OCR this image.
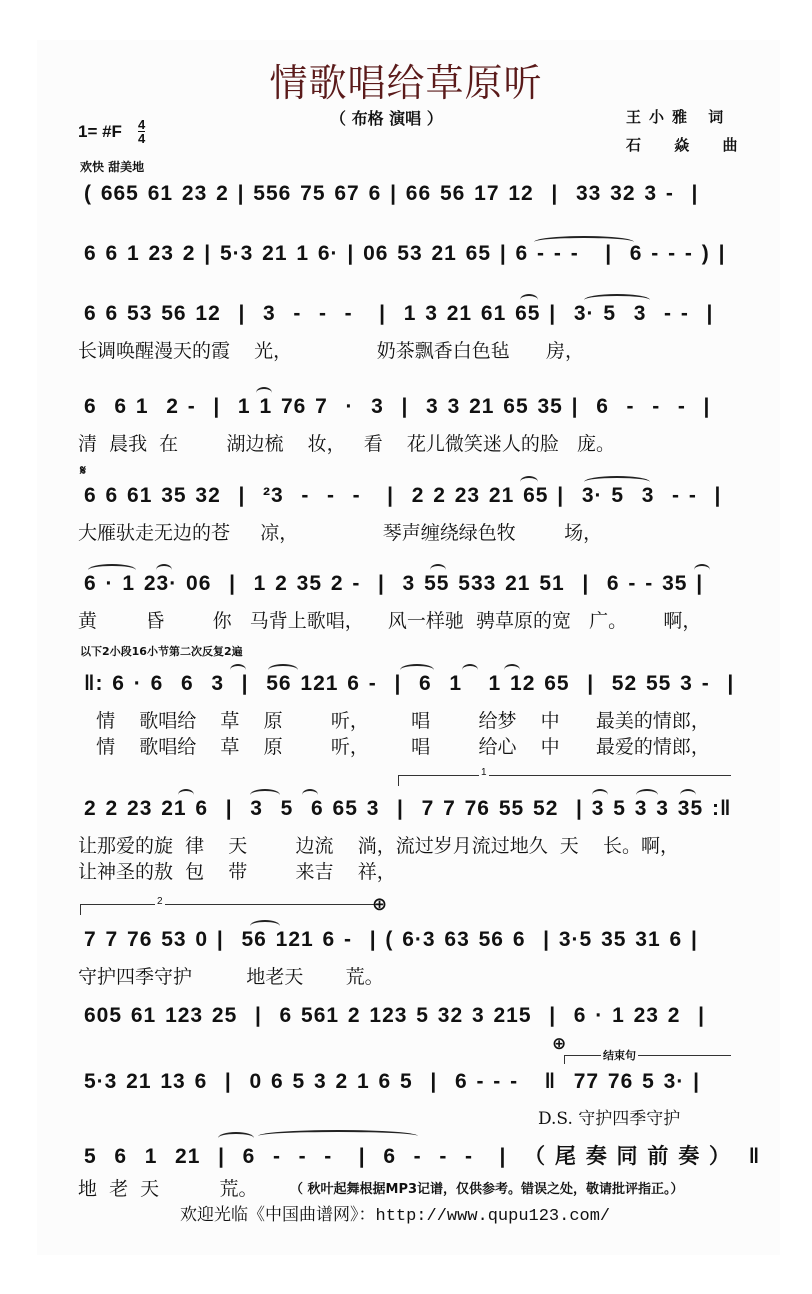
情歌唱给草原听
（ 布格 演唱 ）	王小雅 词
石 焱 曲
1= #F 4
4
欢快 甜美地
( 665 61 23 2 | 556 75 67 6 | 66 56 17 12  |  33 32 3 -  |
6 6 1 23 2 | 5·3 21 1 6· | 06 53 21 65 | 6 - - -   |  6 - - - ) |
6 6 53 56 12  |  3  -  -  -   |  1 3 21 61 65 |  3· 5  3  - -  |
长调唤醒漫天的霞    光，              奶茶飘香白色毡      房，
6  6 1  2 -  |  1 1 76 7  ·  3  |  3 3 21 65 35 |  6  -  -  -  |
清  晨我  在        湖边梳    妆，   看    花儿微笑迷人的脸   庞。
𝄋
6 6 61 35 32  |  ²3  -  -  -   |  2 2 23 21 65 |  3· 5  3  - -  |
大雁驮走无边的苍     凉，              琴声缠绕绿色牧        场，
6 · 1 23· 06  |  1 2 35 2 -  |  3 55 533 21 51  |  6 - - 35 |
黄        昏        你   马背上歌唱，    风一样驰  骋草原的宽   广。      啊，
以下2小段16小节第二次反复2遍
‖: 6 · 6  6  3  |  56 121 6 -  |  6  1   1 12 65  |  52 55 3 -  |
情    歌唱给    草    原        听，       唱        给梦    中      最美的情郎，
情    歌唱给    草    原        听，       唱        给心    中      最爱的情郎，
1
2 2 23 21 6  |  3  5  6 65 3  |  7 7 76 55 52  | 3 5 3 3 35 :‖
让那爱的旋  律    天        边流    淌，流过岁月流过地久  天    长。啊，
让神圣的敖  包    带        来吉    祥，
2	⊕
7 7 76 53 0 |  56 121 6 -  | ( 6·3 63 56 6  | 3·5 35 31 6 |
守护四季守护         地老天       荒。
605 61 123 25  |  6 561 2 123 5 32 3 215  |  6 · 1 23 2  |
⊕
结束句
5·3 21 13 6  |  0 6 5 3 2 1 6 5  |  6 - - -   ‖  77 76 5 3· |
D.S. 守护四季守护
5  6  1  21  |  6  -  -  -   |  6  -  -  -   |  （ 尾 奏 同 前 奏 ）  ‖
地  老  天          荒。 （ 秋叶起舞根据MP3记谱，仅供参考。错误之处，敬请批评指正。）
欢迎光临《中国曲谱网》：http://www.qupu123.com/
